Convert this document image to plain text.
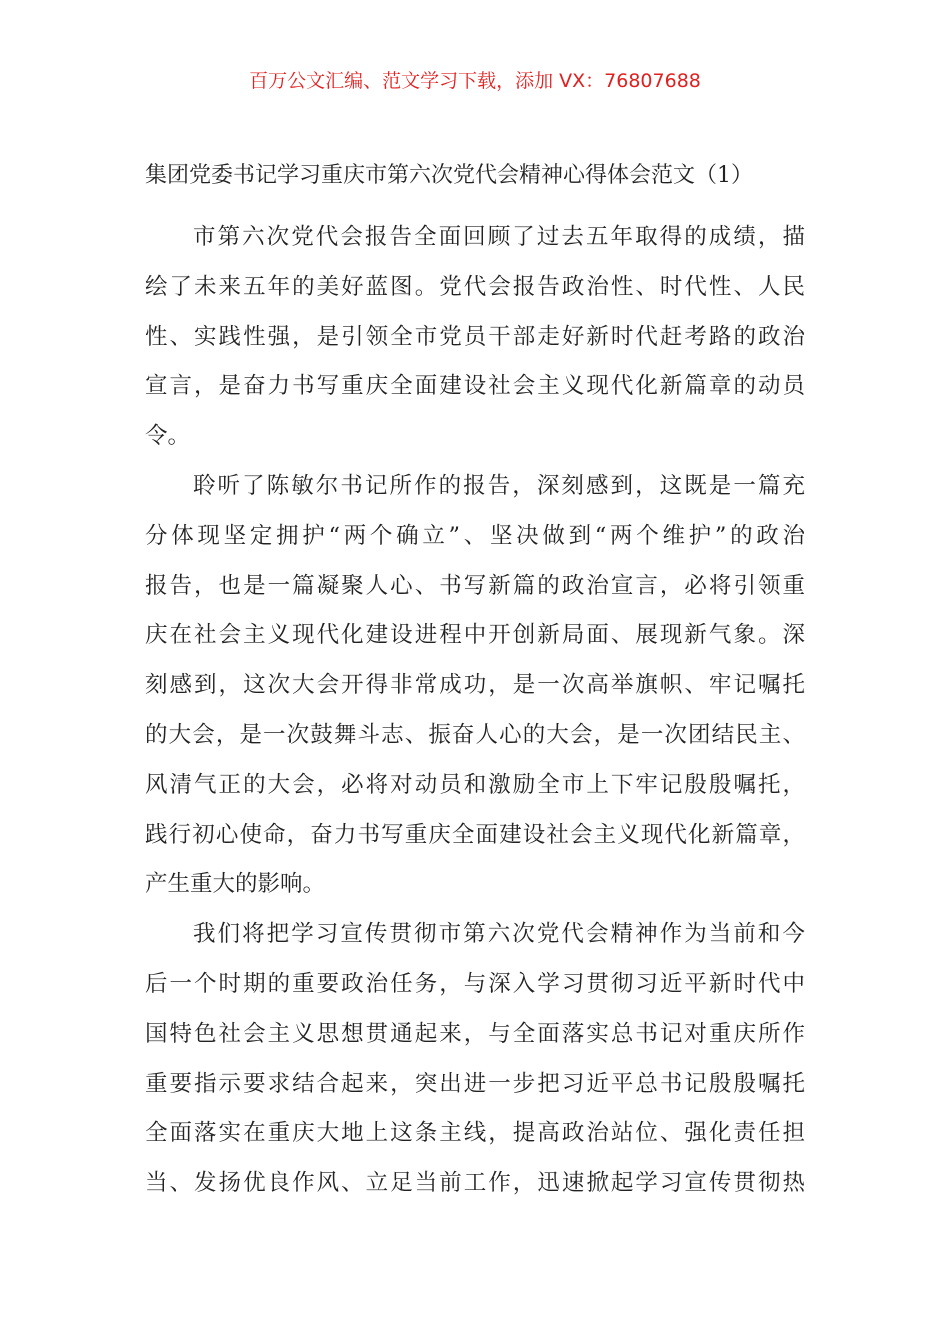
百万公文汇编、范文学习下载，添加 VX：76807688
集团党委书记学习重庆市第六次党代会精神心得体会范文（1）
市第六次党代会报告全面回顾了过去五年取得的成绩，描
绘了未来五年的美好蓝图。党代会报告政治性、时代性、人民
性、实践性强，是引领全市党员干部走好新时代赶考路的政治
宣言，是奋力书写重庆全面建设社会主义现代化新篇章的动员
令。
聆听了陈敏尔书记所作的报告，深刻感到，这既是一篇充
分体现坚定拥护“两个确立”、坚决做到“两个维护”的政治
报告，也是一篇凝聚人心、书写新篇的政治宣言，必将引领重
庆在社会主义现代化建设进程中开创新局面、展现新气象。深
刻感到，这次大会开得非常成功，是一次高举旗帜、牢记嘱托
的大会，是一次鼓舞斗志、振奋人心的大会，是一次团结民主、
风清气正的大会，必将对动员和激励全市上下牢记殷殷嘱托，
践行初心使命，奋力书写重庆全面建设社会主义现代化新篇章，
产生重大的影响。
我们将把学习宣传贯彻市第六次党代会精神作为当前和今
后一个时期的重要政治任务，与深入学习贯彻习近平新时代中
国特色社会主义思想贯通起来，与全面落实总书记对重庆所作
重要指示要求结合起来，突出进一步把习近平总书记殷殷嘱托
全面落实在重庆大地上这条主线，提高政治站位、强化责任担
当、发扬优良作风、立足当前工作，迅速掀起学习宣传贯彻热
